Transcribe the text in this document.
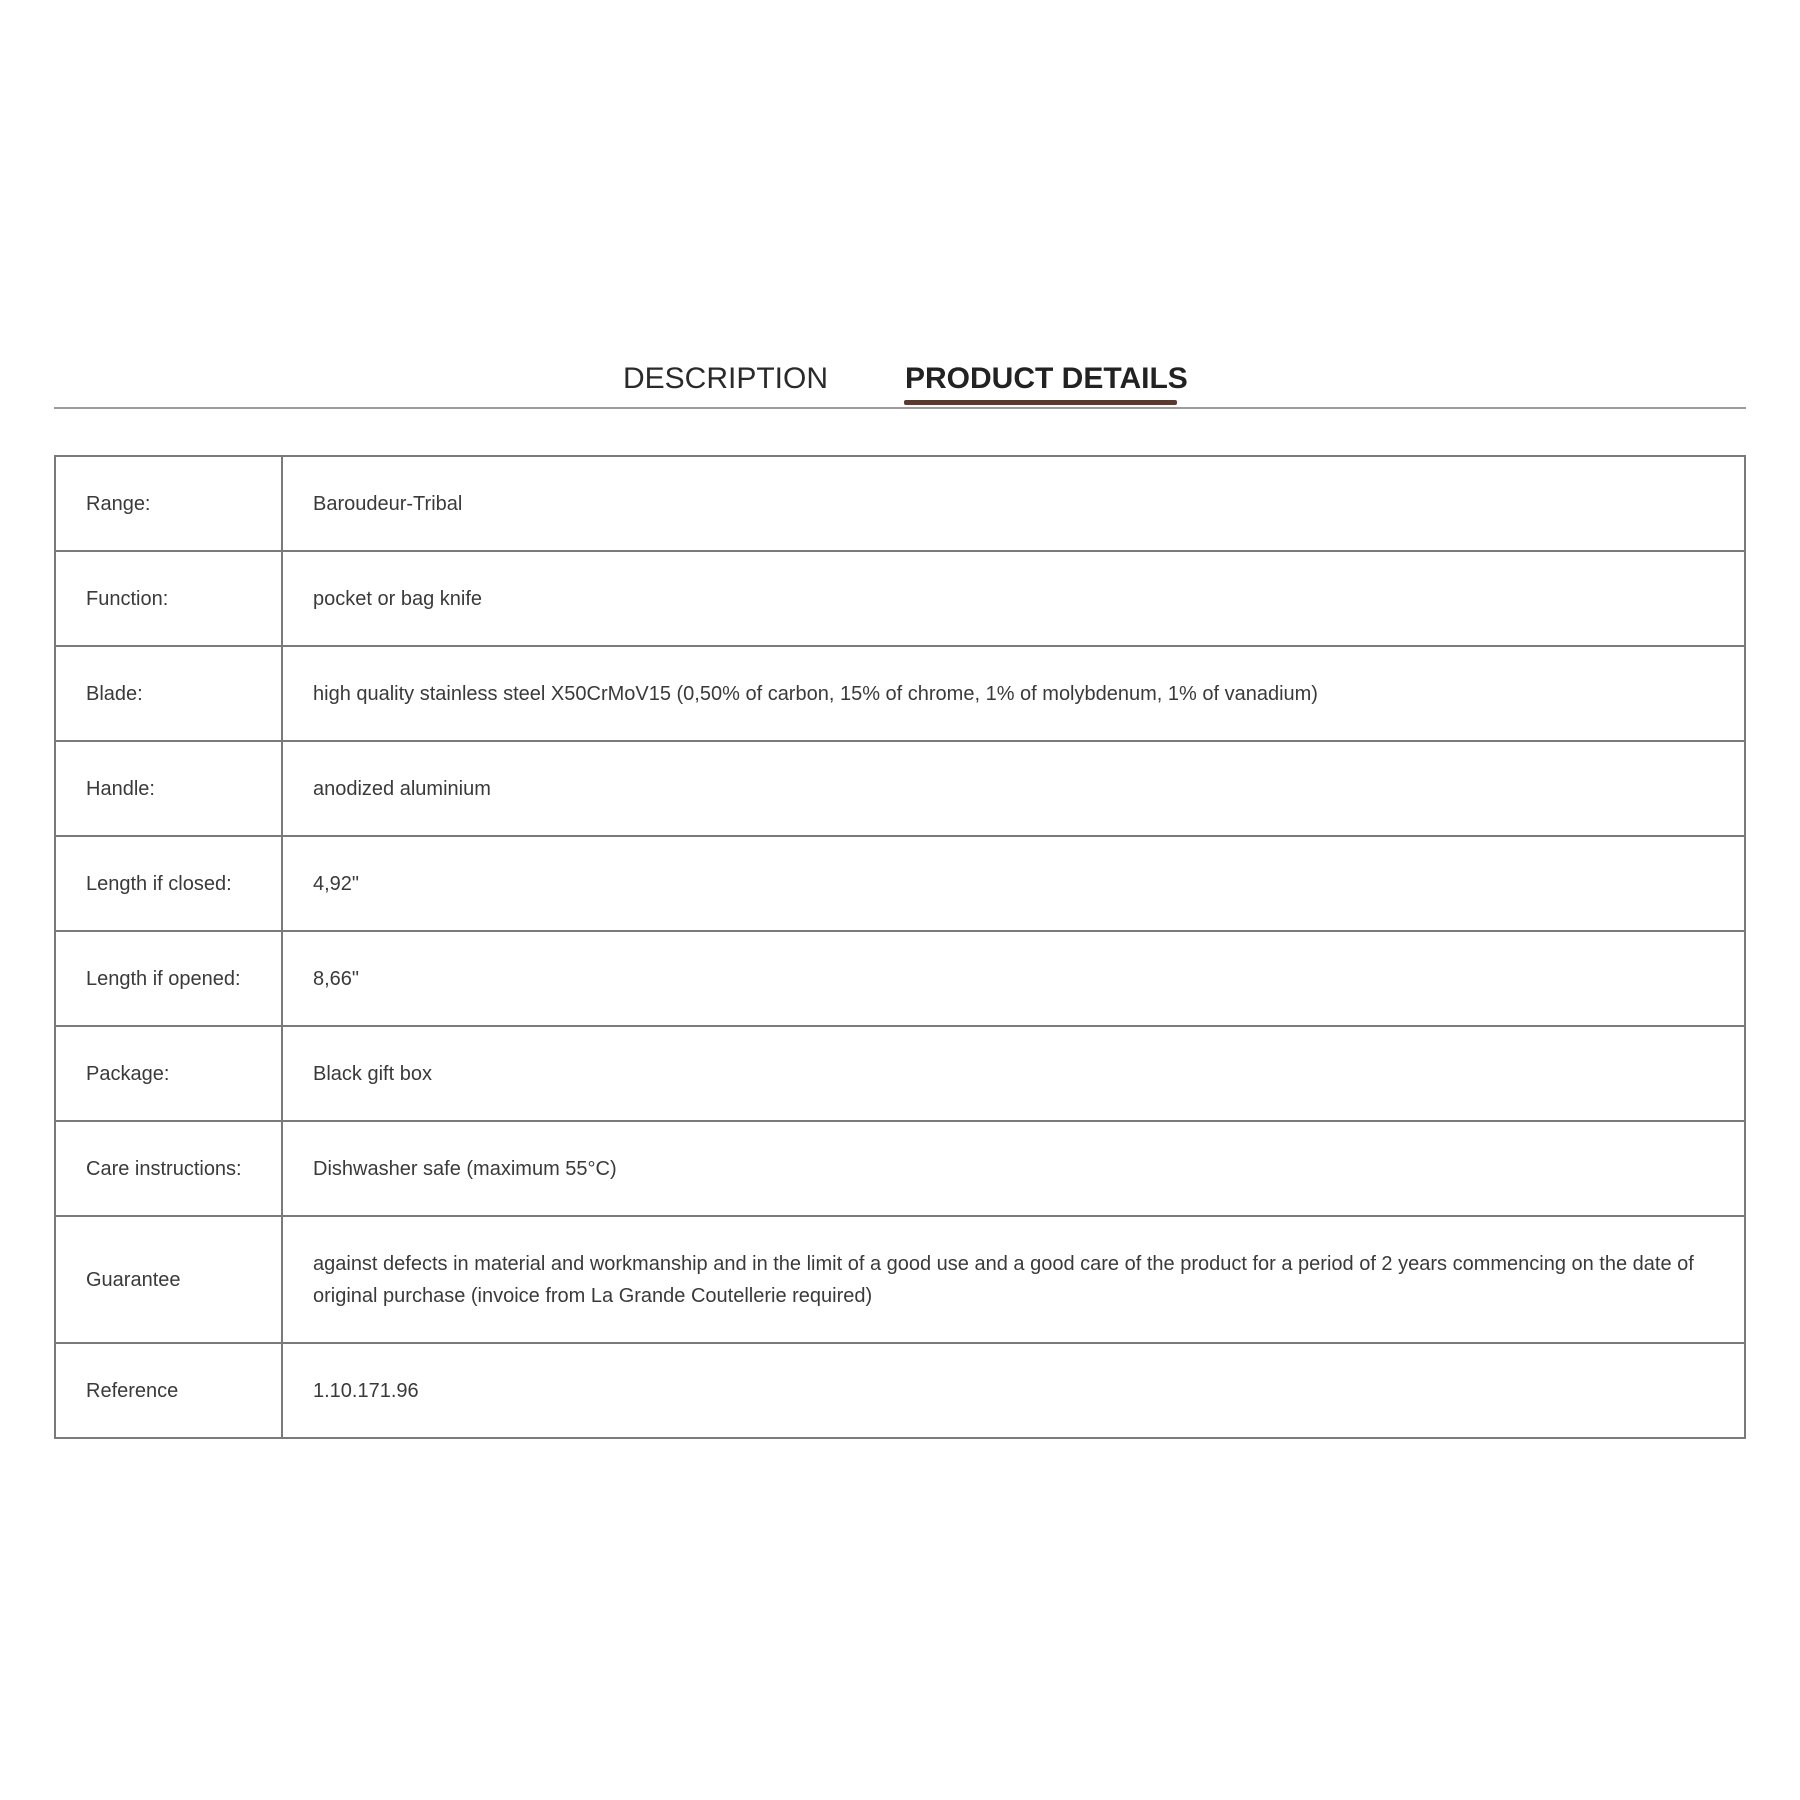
DESCRIPTION	PRODUCT DETAILS
Range:	Baroudeur-Tribal
Function:	pocket or bag knife
Blade:	high quality stainless steel X50CrMoV15 (0,50% of carbon, 15% of chrome, 1% of molybdenum, 1% of vanadium)
Handle:	anodized aluminium
Length if closed:	4,92"
Length if opened:	8,66"
Package:	Black gift box
Care instructions:	Dishwasher safe (maximum 55°C)
Guarantee	against defects in material and workmanship and in the limit of a good use and a good care of the product for a period of 2 years commencing on the date of original purchase (invoice from La Grande Coutellerie required)
Reference	1.10.171.96
